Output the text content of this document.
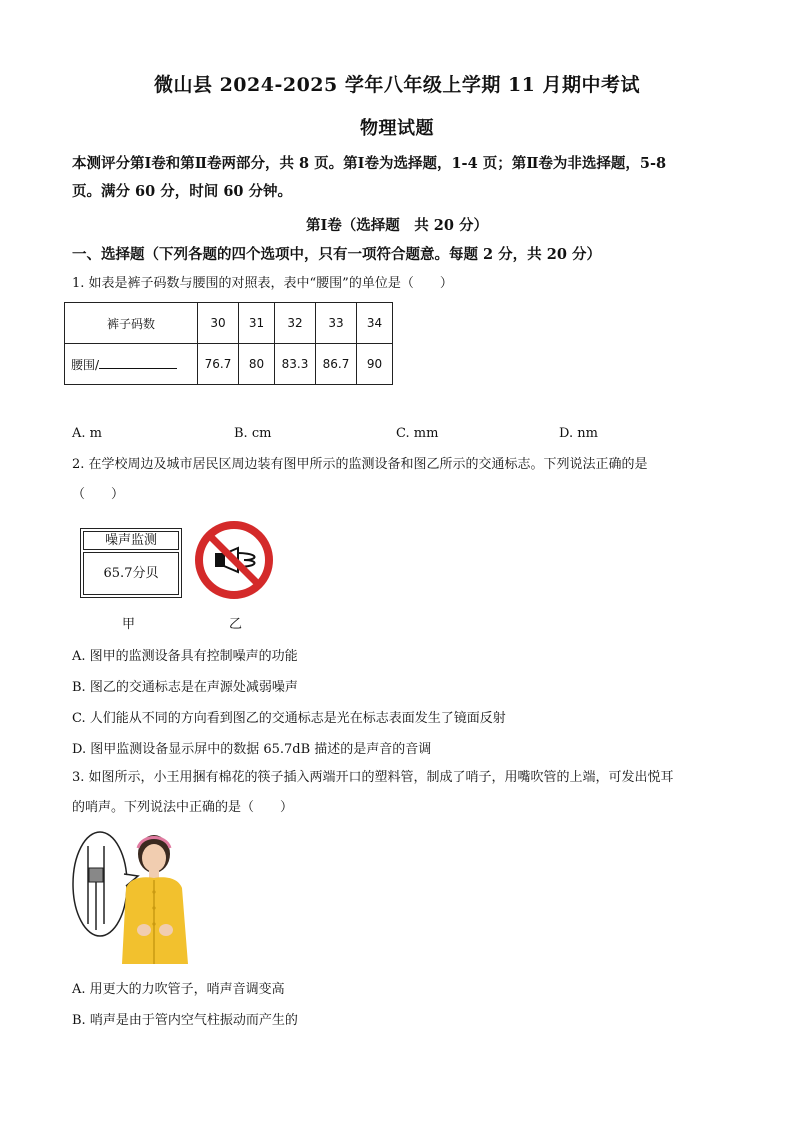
微山县 2024-2025 学年八年级上学期 11 月期中考试
物理试题
本测评分第Ⅰ卷和第Ⅱ卷两部分，共 8 页。第Ⅰ卷为选择题，1-4 页；第Ⅱ卷为非选择题，5-8
页。满分 60 分，时间 60 分钟。
第Ⅰ卷（选择题　共 20 分）
一、选择题（下列各题的四个选项中，只有一项符合题意。每题 2 分，共 20 分）
1. 如表是裤子码数与腰围的对照表，表中“腰围”的单位是（　　）
裤子码数	30	31	32	33	34
腰围/	76.7	80	83.3	86.7	90
A. m	B. cm	C. mm	D. nm
2. 在学校周边及城市居民区周边装有图甲所示的监测设备和图乙所示的交通标志。下列说法正确的是
（　　）
噪声监测
65.7分贝
甲	乙
A. 图甲的监测设备具有控制噪声的功能
B. 图乙的交通标志是在声源处减弱噪声
C. 人们能从不同的方向看到图乙的交通标志是光在标志表面发生了镜面反射
D. 图甲监测设备显示屏中的数据 65.7dB 描述的是声音的音调
3. 如图所示，小王用捆有棉花的筷子插入两端开口的塑料管，制成了哨子，用嘴吹管的上端，可发出悦耳
的哨声。下列说法中正确的是（　　）
A. 用更大的力吹管子，哨声音调变高
B. 哨声是由于管内空气柱振动而产生的
